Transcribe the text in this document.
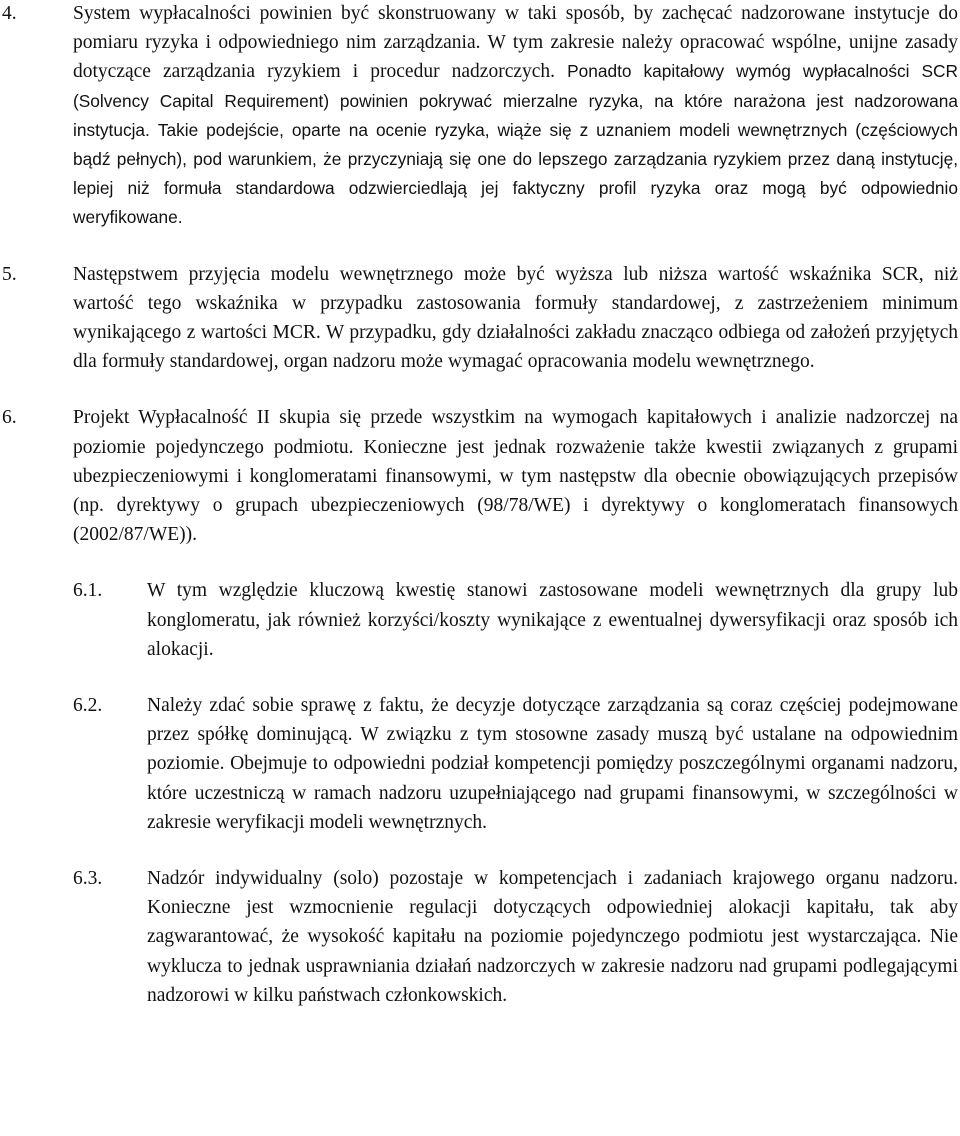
4.	System wypłacalności powinien być skonstruowany w taki sposób, by zachęcać nadzorowane instytucje do pomiaru ryzyka i odpowiedniego nim zarządzania. W tym zakresie należy opracować wspólne, unijne zasady dotyczące zarządzania ryzykiem i procedur nadzorczych. Ponadto kapitałowy wymóg wypłacalności SCR (Solvency Capital Requirement) powinien pokrywać mierzalne ryzyka, na które narażona jest nadzorowana instytucja. Takie podejście, oparte na ocenie ryzyka, wiąże się z uznaniem modeli wewnętrznych (częściowych bądź pełnych), pod warunkiem, że przyczyniają się one do lepszego zarządzania ryzykiem przez daną instytucję, lepiej niż formuła standardowa odzwierciedlają jej faktyczny profil ryzyka oraz mogą być odpowiednio weryfikowane.
5.	Następstwem przyjęcia modelu wewnętrznego może być wyższa lub niższa wartość wskaźnika SCR, niż wartość tego wskaźnika w przypadku zastosowania formuły standardowej, z zastrzeżeniem minimum wynikającego z wartości MCR. W przypadku, gdy działalności zakładu znacząco odbiega od założeń przyjętych dla formuły standardowej, organ nadzoru może wymagać opracowania modelu wewnętrznego.
6.	Projekt Wypłacalność II skupia się przede wszystkim na wymogach kapitałowych i analizie nadzorczej na poziomie pojedynczego podmiotu. Konieczne jest jednak rozważenie także kwestii związanych z grupami ubezpieczeniowymi i konglomeratami finansowymi, w tym następstw dla obecnie obowiązujących przepisów (np. dyrektywy o grupach ubezpieczeniowych (98/78/WE) i dyrektywy o konglomeratach finansowych (2002/87/WE)).
6.1. W tym względzie kluczową kwestię stanowi zastosowane modeli wewnętrznych dla grupy lub konglomeratu, jak również korzyści/koszty wynikające z ewentualnej dywersyfikacji oraz sposób ich alokacji.
6.2. Należy zdać sobie sprawę z faktu, że decyzje dotyczące zarządzania są coraz częściej podejmowane przez spółkę dominującą. W związku z tym stosowne zasady muszą być ustalane na odpowiednim poziomie. Obejmuje to odpowiedni podział kompetencji pomiędzy poszczególnymi organami nadzoru, które uczestniczą w ramach nadzoru uzupełniającego nad grupami finansowymi, w szczególności w zakresie weryfikacji modeli wewnętrznych.
6.3. Nadzór indywidualny (solo) pozostaje w kompetencjach i zadaniach krajowego organu nadzoru. Konieczne jest wzmocnienie regulacji dotyczących odpowiedniej alokacji kapitału, tak aby zagwarantować, że wysokość kapitału na poziomie pojedynczego podmiotu jest wystarczająca. Nie wyklucza to jednak usprawniania działań nadzorczych w zakresie nadzoru nad grupami podlegającymi nadzorowi w kilku państwach członkowskich.
